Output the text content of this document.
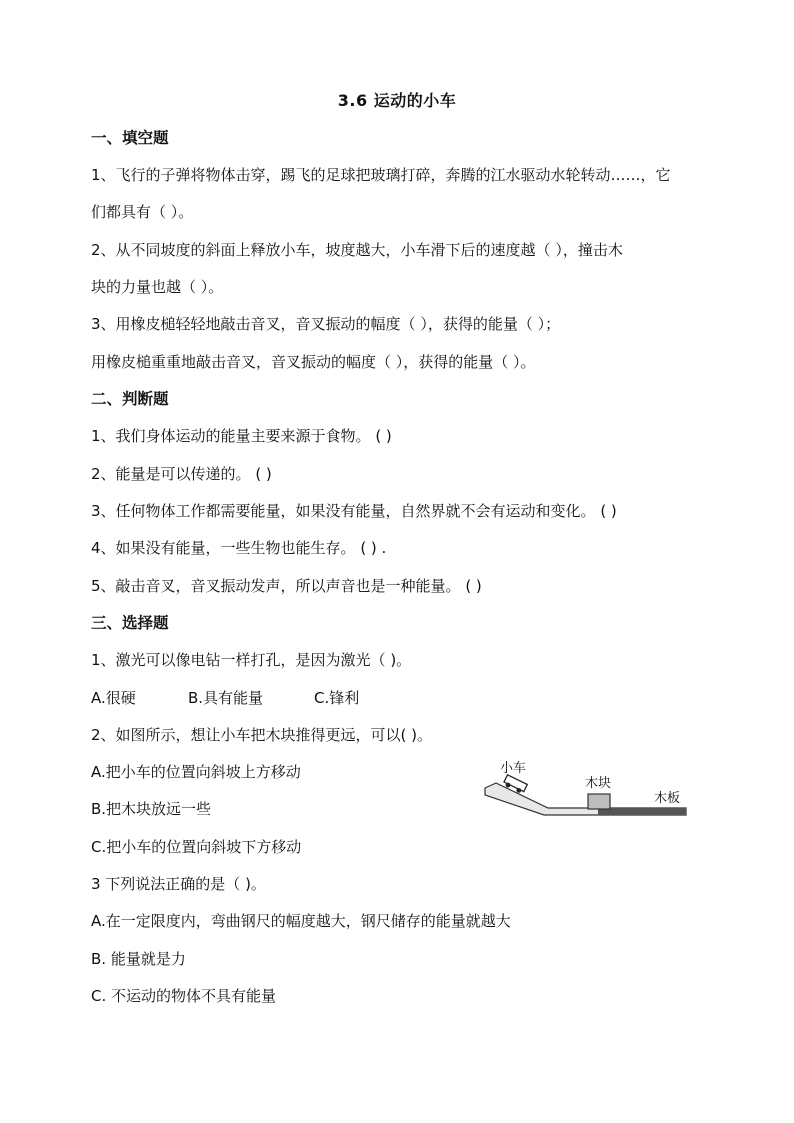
3.6 运动的小车
一、填空题
1、飞行的子弹将物体击穿，踢飞的足球把玻璃打碎，奔腾的江水驱动水轮转动……，它
们都具有（ ）。
2、从不同坡度的斜面上释放小车，坡度越大，小车滑下后的速度越（ ），撞击木
块的力量也越（ ）。
3、用橡皮槌轻轻地敲击音叉，音叉振动的幅度（ ），获得的能量（ ）；
用橡皮槌重重地敲击音叉，音叉振动的幅度（ ），获得的能量（ ）。
二、判断题
1、我们身体运动的能量主要来源于食物。 ( )
2、能量是可以传递的。 ( )
3、任何物体工作都需要能量，如果没有能量，自然界就不会有运动和变化。 ( )
4、如果没有能量，一些生物也能生存。 ( ) .
5、敲击音叉，音叉振动发声，所以声音也是一种能量。 ( )
三、选择题
1、激光可以像电钻一样打孔，是因为激光（ )。
A.很硬	B.具有能量	C.锋利
2、如图所示，想让小车把木块推得更远，可以( )。
A.把小车的位置向斜坡上方移动
B.把木块放远一些
C.把小车的位置向斜坡下方移动
小车
木块
木板
3 下列说法正确的是（ )。
A.在一定限度内，弯曲钢尺的幅度越大，钢尺储存的能量就越大
B. 能量就是力
C. 不运动的物体不具有能量
